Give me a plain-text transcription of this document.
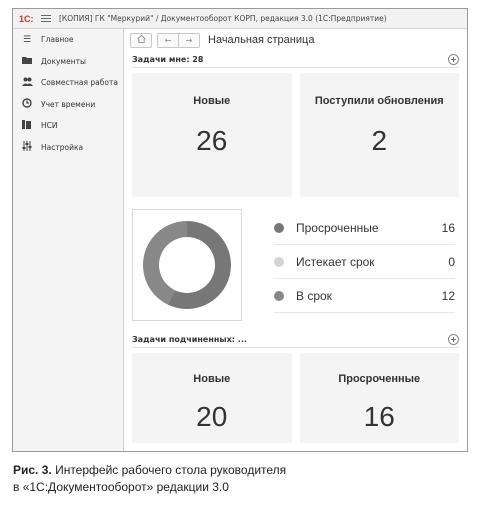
1С:	[КОПИЯ] ГК "Меркурий" / Документооборот КОРП, редакция 3.0 (1С:Предприятие)
☰ Главное
Документы
Совместная работа
Учет времени
НСИ
Настройка
← → Начальная страница
Задачи мне: 28	+
Новые
26
Поступили обновления
2
Просроченные	16
Истекает срок	0
В срок	12
Задачи подчиненных: ...	+
Новые
20
Просроченные
16
Рис. 3. Интерфейс рабочего стола руководителя
в «1С:Документооборот» редакции 3.0
